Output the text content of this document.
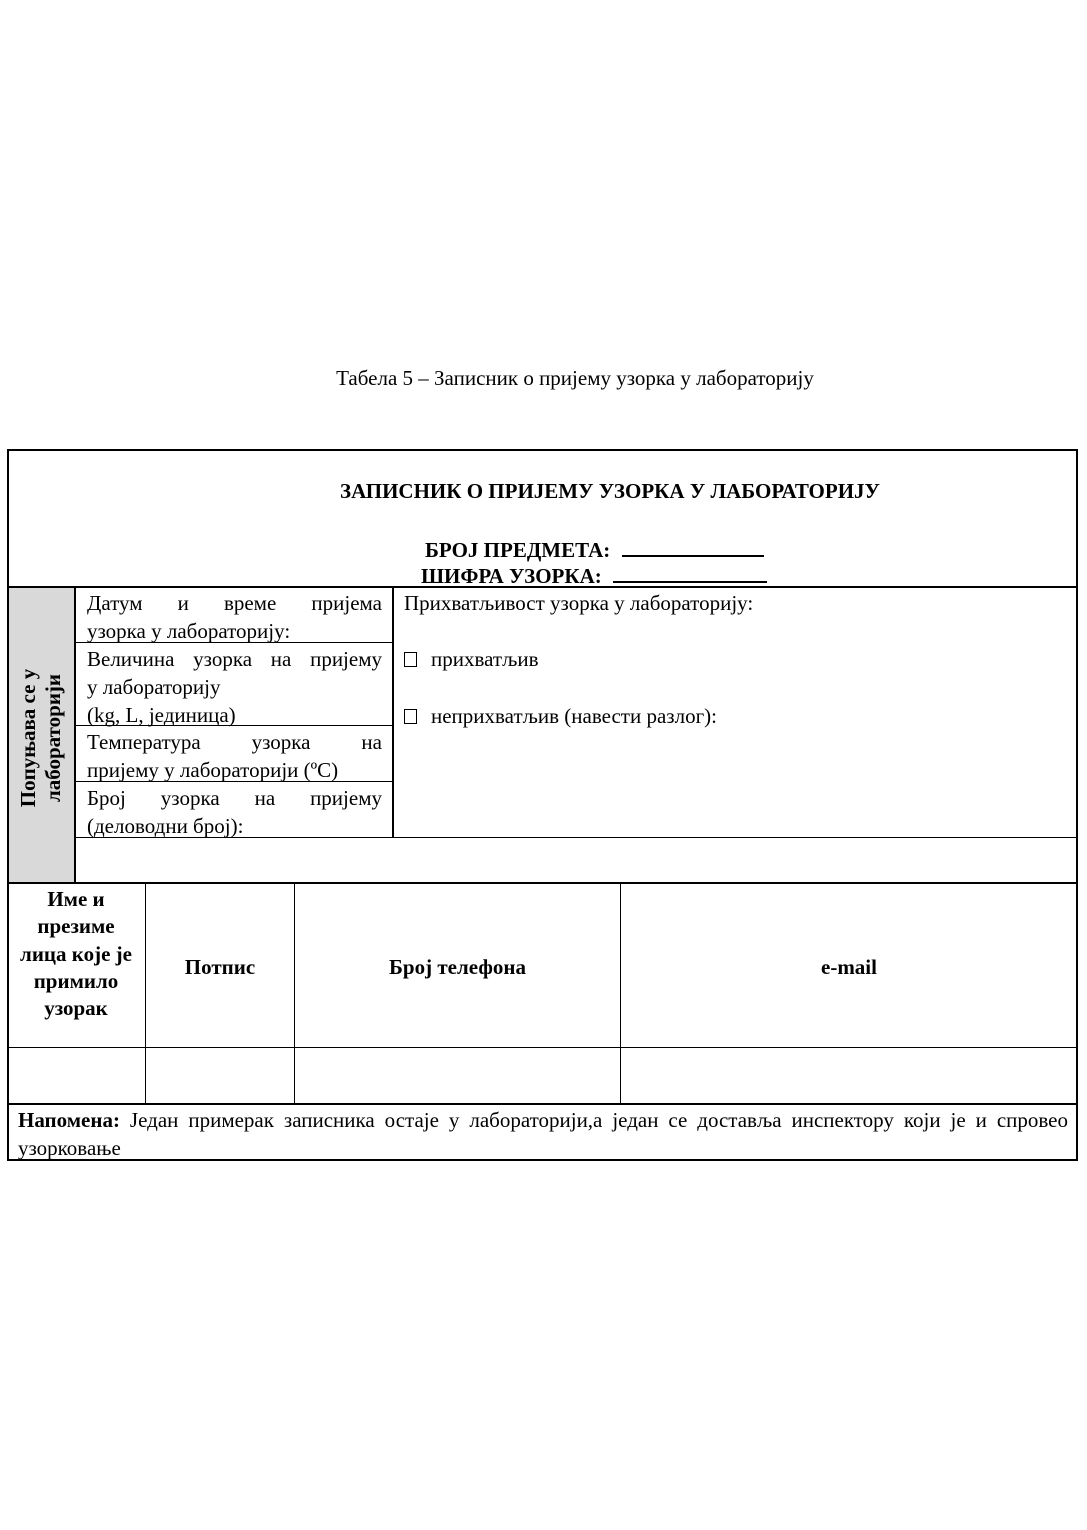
Табела 5 – Записник о пријему узорка у лабораторију
ЗАПИСНИК О ПРИЈЕМУ УЗОРКА У ЛАБОРАТОРИЈУ
БРОЈ ПРЕДМЕТА:
ШИФРА УЗОРКА:
Попуњава се у лабораторији
Датум и време пријема
узорка у лабораторију:
Величина узорка на пријему
у лабораторију
(kg, L, јединица)
Температура узорка на
пријему у лабораторији (ºC)
Број узорка на пријему
(деловодни број):
Прихватљивост узорка у лабораторију:
прихватљив
неприхватљив (навести разлог):
Име и презиме лица које је примило узорак
Потпис	Број телефона	e-mail
Напомена: Један примерак записника остаје у лабораторији,а један се доставља инспектору који је и спровео узорковање
